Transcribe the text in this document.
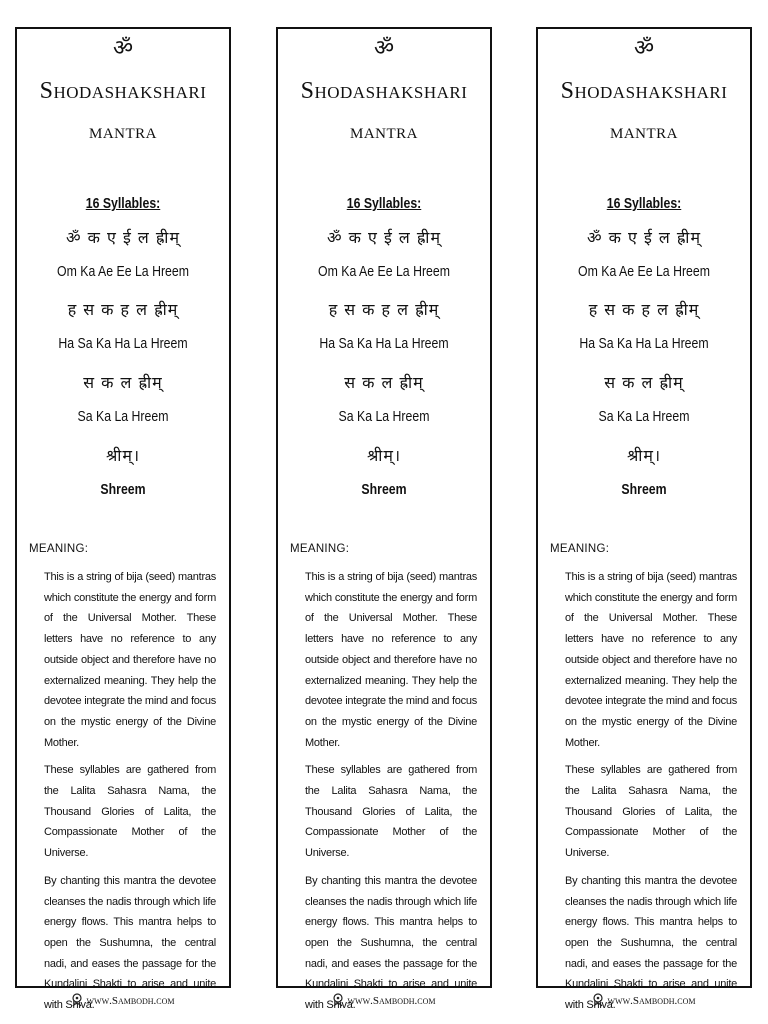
ॐ
Shodashakshari
mantra
16 Syllables:
ॐ क ए ई ल ह्रीम्
Om Ka Ae Ee La Hreem
ह स क ह ल ह्रीम्
Ha Sa Ka Ha La Hreem
स क ल ह्रीम्
Sa Ka La Hreem
श्रीम्।
Shreem
MEANING:

This is a string of bija (seed) mantras which constitute the energy and form of the Universal Mother. These letters have no reference to any outside object and therefore have no externalized meaning. They help the devotee integrate the mind and focus on the mystic energy of the Divine Mother.

These syllables are gathered from the Lalita Sahasra Nama, the Thousand Glories of Lalita, the Compassionate Mother of the Universe.

By chanting this mantra the devotee cleanses the nadis through which life energy flows. This mantra helps to open the Sushumna, the central nadi, and eases the passage for the Kundalini Shakti to arise and unite with Shiva.

ॐ
Shodashakshari
mantra
16 Syllables:
ॐ क ए ई ल ह्रीम्
Om Ka Ae Ee La Hreem
ह स क ह ल ह्रीम्
Ha Sa Ka Ha La Hreem
स क ल ह्रीम्
Sa Ka La Hreem
श्रीम्।
Shreem
MEANING:

This is a string of bija (seed) mantras which constitute the energy and form of the Universal Mother. These letters have no reference to any outside object and therefore have no externalized meaning. They help the devotee integrate the mind and focus on the mystic energy of the Divine Mother.

These syllables are gathered from the Lalita Sahasra Nama, the Thousand Glories of Lalita, the Compassionate Mother of the Universe.

By chanting this mantra the devotee cleanses the nadis through which life energy flows. This mantra helps to open the Sushumna, the central nadi, and eases the passage for the Kundalini Shakti to arise and unite with Shiva.

ॐ
Shodashakshari
mantra
16 Syllables:
ॐ क ए ई ल ह्रीम्
Om Ka Ae Ee La Hreem
ह स क ह ल ह्रीम्
Ha Sa Ka Ha La Hreem
स क ल ह्रीम्
Sa Ka La Hreem
श्रीम्।
Shreem
MEANING:

This is a string of bija (seed) mantras which constitute the energy and form of the Universal Mother. These letters have no reference to any outside object and therefore have no externalized meaning. They help the devotee integrate the mind and focus on the mystic energy of the Divine Mother.

These syllables are gathered from the Lalita Sahasra Nama, the Thousand Glories of Lalita, the Compassionate Mother of the Universe.

By chanting this mantra the devotee cleanses the nadis through which life energy flows. This mantra helps to open the Sushumna, the central nadi, and eases the passage for the Kundalini Shakti to arise and unite with Shiva.

www.Sambodh.com	www.Sambodh.com	www.Sambodh.com
